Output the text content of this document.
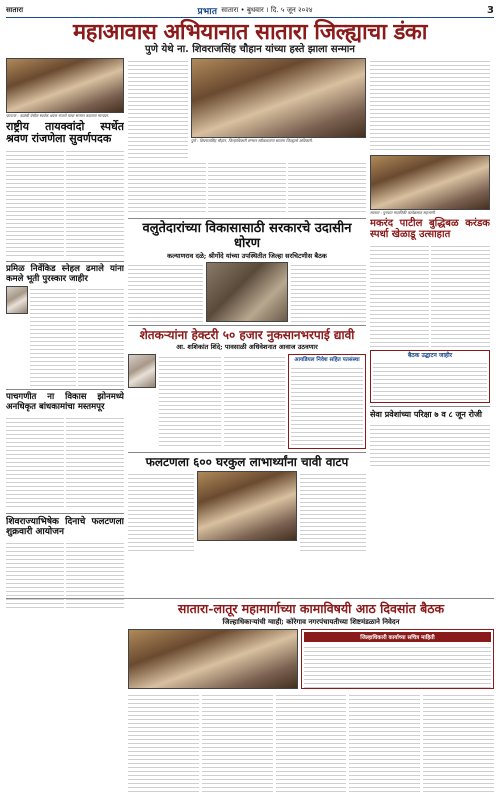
सातारा	प्रभात सातारा • बुधवार । दि. ५ जून २०२४	3
महाआवास अभियानात सातारा जिल्ह्याचा डंका
पुणे येथे ना. शिवराजसिंह चौहान यांच्या हस्ते झाला सन्मान
फलटण : कळंबी येथील स्पर्धक श्रवण रांजणे यांचा सन्मान करताना मान्यवर.
राष्ट्रीय तायक्वांदो स्पर्धेत श्रवण रांजणेला सुवर्णपदक
प्रमिळ निर्वेकिड स्नेहल ढमाले यांना कमले भूती पुरस्कार जाहीर
पाचगणीत ना विकास झोनमध्ये अनधिकृत बांधकामांचा मस्तमपूर
शिवराज्याभिषेक दिनाचे फलटणला शुक्रवारी आयोजन
पुणे : शिवराजसिंह चौहान, जिल्हाधिकारी सन्मान स्वीकारताना सातारा जिल्ह्याचे अधिकारी.
वलुतेदारांच्या विकासासाठी सरकारचे उदासीन धोरण
कल्याणराव दळे; श्रीगोंदे यांच्या उपस्थितीत जिल्हा सरचिटणीस बैठक
शेतकऱ्यांना हेक्टरी ५० हजार नुकसानभरपाई द्यावी
आ. शशिकांत शिंदे; पावसाळी अधिवेशनात आवाज उठवणार
आयडियल निवेश सहित पतसंस्था
फलटणला ६०० घरकुल लाभार्थ्यांना चावी वाटप
सातारा : पुण्यात मालविकी कार्यक्रमात सहभागी.
मकरंद पाटील बुद्धिबळ करंडक स्पर्धा खेळाडू उत्साहात
बैठक उद्घाटन जाहीर
सेवा प्रवेशांच्या परिक्षा ७ व ८ जून रोजी
सातारा-लातूर महामार्गाच्या कामाविषयी आठ दिवसांत बैठक
जिल्हाधिकाऱ्यांची ग्वाही; कोरेगाव नगरपंचायतीच्या शिष्टमंडळाने निवेदन
जिल्हाधिकारी कार्याच्या सचित्र माहिती
